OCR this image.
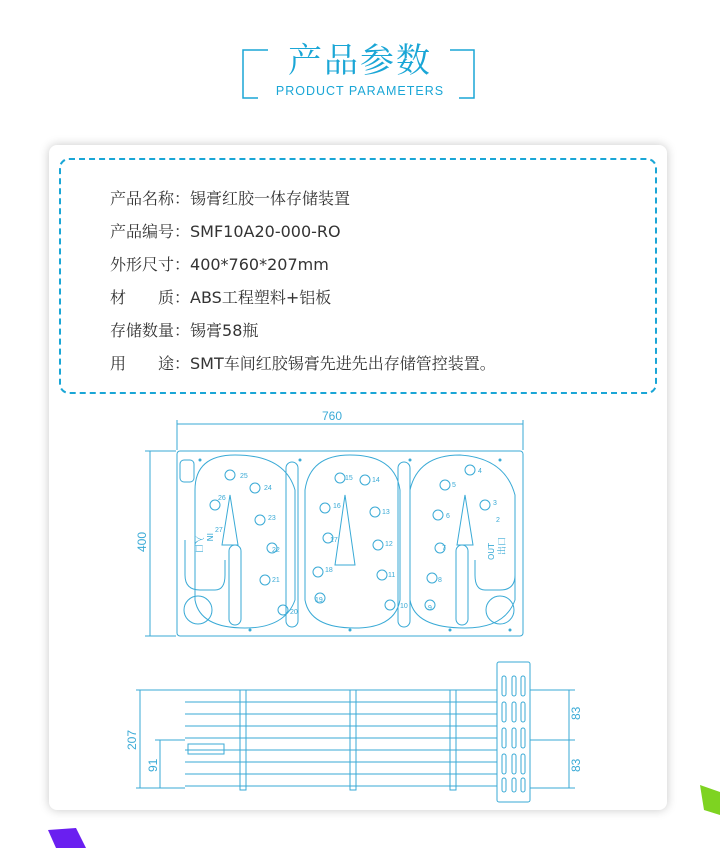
产品参数
PRODUCT PARAMETERS
产品名称：锡膏红胶一体存储装置
产品编号：SMF10A20-000-RO
外形尺寸：400*760*207mm
材　　质：ABS工程塑料+铝板
存储数量：锡膏58瓶
用　　途：SMT车间红胶锡膏先进先出存储管控装置。
760
400
207
91
83
83
入口 IN	出口
OUT
25
24
26
23
27
22
21
20
19
18
17
16
15	14
13
12
11
10	9
8
7
6
5
4
3
2
